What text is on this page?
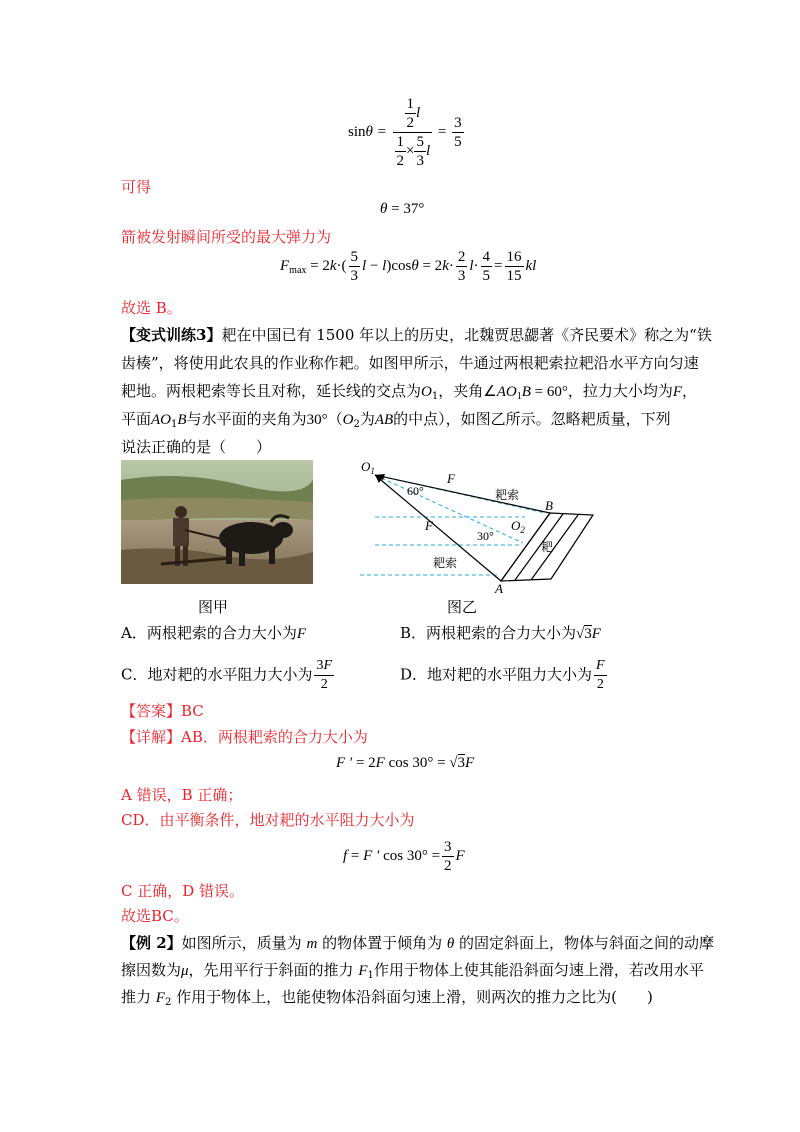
$\sin\theta = \frac{\frac{1}{2} l}{\frac{1}{2} \times \frac{5}{3} l} = \frac{3}{5}$
可得
θ = 37°
箭被发射瞬间所受的最大弹力为
$F_{max} = 2k\cdot( \frac{5}{3}$ $l - l)\cos\theta = 2k\cdot \frac{2}{3} l\cdot \frac{4}{5} = \frac{16}{15}$ kl
故选 B。
【变式训练3】耙在中国已有 1500 年以上的历史，北魏贾思勰著《齐民要术》称之为“铁
齿楱”，将使用此农具的作业称作耙。如图甲所示，牛通过两根耙索拉耙沿水平方向匀速
耙地。两根耙索等长且对称，延长线的交点为$O_1$，夹角$\angle AO_1B = 60^\circ$，拉力大小均为F，
平面$AO_1B$与水平面的夹角为$30^\circ(O_2$为AB的中点），如图乙所示。忽略耙质量，下列
说法正确的是（　　）
$O_1$	F
60°	耙索
B
F	$O_2$
30°
耙
耙索
A
图甲	图乙
A．两根耙索的合力大小为F	B．两根耙索的合力大小为√3F
C．地对耙的水平阻力大小为 $\frac{3F}{2}$	D．地对耙的水平阻力大小为 $\frac{F}{2}$
【答案】BC
【详解】AB．两根耙索的合力大小为
F ′ = 2F cos 30° = √3F
A 错误，B 正确；
CD．由平衡条件，地对耙的水平阻力大小为
f = F ′ $\cos 30^\circ = \frac{3}{2}$ F
C 正确，D 错误。
故选BC。
【例 2】如图所示，质量为 m 的物体置于倾角为 θ 的固定斜面上，物体与斜面之间的动摩
擦因数为μ，先用平行于斜面的推力 $F_1$作用于物体上使其能沿斜面匀速上滑，若改用水平
推力 $F_2$ 作用于物体上，也能使物体沿斜面匀速上滑，则两次的推力之比为(　　)
